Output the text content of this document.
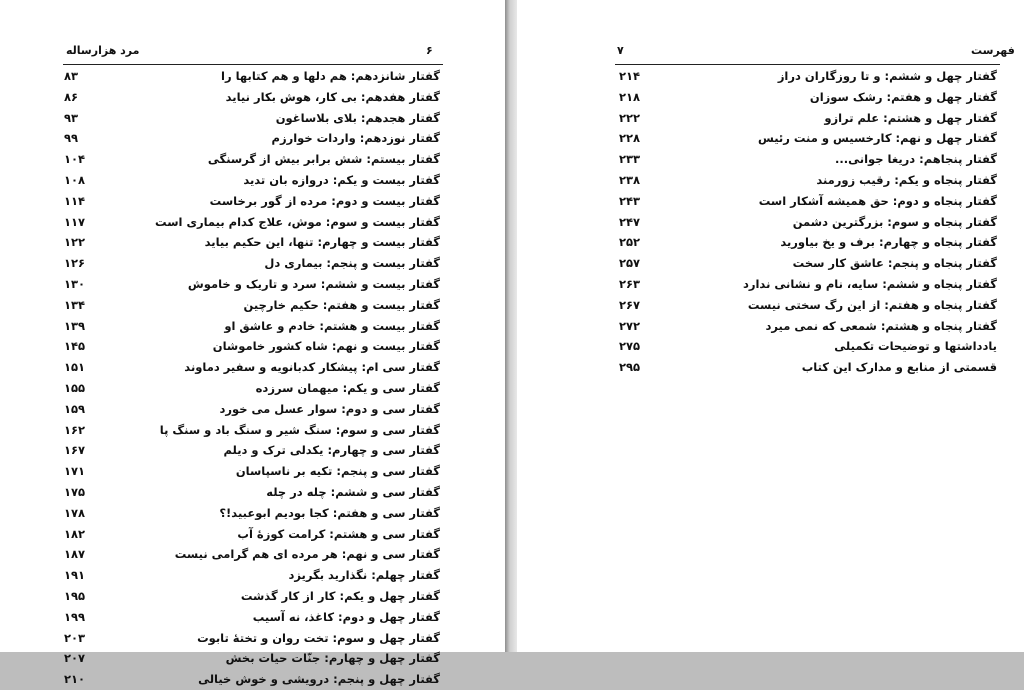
مرد هزارساله	۶
۸۳	گفتار شانزدهم: هم دلها و هم کتابها را
۸۶	گفتار هفدهم: بی کار، هوش بکار نیاید
۹۳	گفتار هجدهم: بلای بلاساغون
۹۹	گفتار نوزدهم: واردات خوارزم
۱۰۴	گفتار بیستم: شش برابر بیش از گرسنگی
۱۰۸	گفتار بیست و یکم: دروازه بان تدید
۱۱۴	گفتار بیست و دوم: مرده از گور برخاست
۱۱۷	گفتار بیست و سوم: موش، علاج کدام بیماری است
۱۲۲	گفتار بیست و چهارم: تنها، این حکیم بیاید
۱۲۶	گفتار بیست و پنجم: بیماری دل
۱۳۰	گفتار بیست و ششم: سرد و تاریک و خاموش
۱۳۴	گفتار بیست و هفتم: حکیم خارچین
۱۳۹	گفتار بیست و هشتم: خادم و عاشق او
۱۴۵	گفتار بیست و نهم: شاه کشور خاموشان
۱۵۱	گفتار سی ام: پیشکار کدبانویه و سفیر دماوند
۱۵۵	گفتار سی و یکم: میهمان سرزده
۱۵۹	گفتار سی و دوم: سوار عسل می خورد
۱۶۲	گفتار سی و سوم: سنگ شیر و سنگ باد و سنگ پا
۱۶۷	گفتار سی و چهارم: یکدلی ترک و دیلم
۱۷۱	گفتار سی و پنجم: تکیه بر ناسپاسان
۱۷۵	گفتار سی و ششم: چله در چله
۱۷۸	گفتار سی و هفتم: کجا بودیم ابوعبید!؟
۱۸۲	گفتار سی و هشتم: کرامت کوزهٔ آب
۱۸۷	گفتار سی و نهم: هر مرده ای هم گرامی نیست
۱۹۱	گفتار چهلم: نگذارید بگریزد
۱۹۵	گفتار چهل و یکم: کار از کار گذشت
۱۹۹	گفتار چهل و دوم: کاغذ، نه آسیب
۲۰۳	گفتار چهل و سوم: تخت روان و تختهٔ تابوت
۲۰۷	گفتار چهل و چهارم: جنّات حیات بخش
۲۱۰	گفتار چهل و پنجم: درویشی و خوش خیالی
۷	فهرست
۲۱۴	گفتار چهل و ششم: و تا روزگاران دراز
۲۱۸	گفتار چهل و هفتم: رشک سوزان
۲۲۲	گفتار چهل و هشتم: علم ترازو
۲۲۸	گفتار چهل و نهم: کارخسیس و منت رئیس
۲۳۳	گفتار پنجاهم: دریغا جوانی...
۲۳۸	گفتار پنجاه و یکم: رقیب زورمند
۲۴۳	گفتار پنجاه و دوم: حق همیشه آشکار است
۲۴۷	گفتار پنجاه و سوم: بزرگترین دشمن
۲۵۲	گفتار پنجاه و چهارم: برف و یخ بیاورید
۲۵۷	گفتار پنجاه و پنجم: عاشق کار سخت
۲۶۳	گفتار پنجاه و ششم: سایه، نام و نشانی ندارد
۲۶۷	گفتار پنجاه و هفتم: از این رگ سختی نیست
۲۷۲	گفتار پنجاه و هشتم: شمعی که نمی میرد
۲۷۵	یادداشتها و توضیحات تکمیلی
۲۹۵	قسمتی از منابع و مدارک این کتاب
